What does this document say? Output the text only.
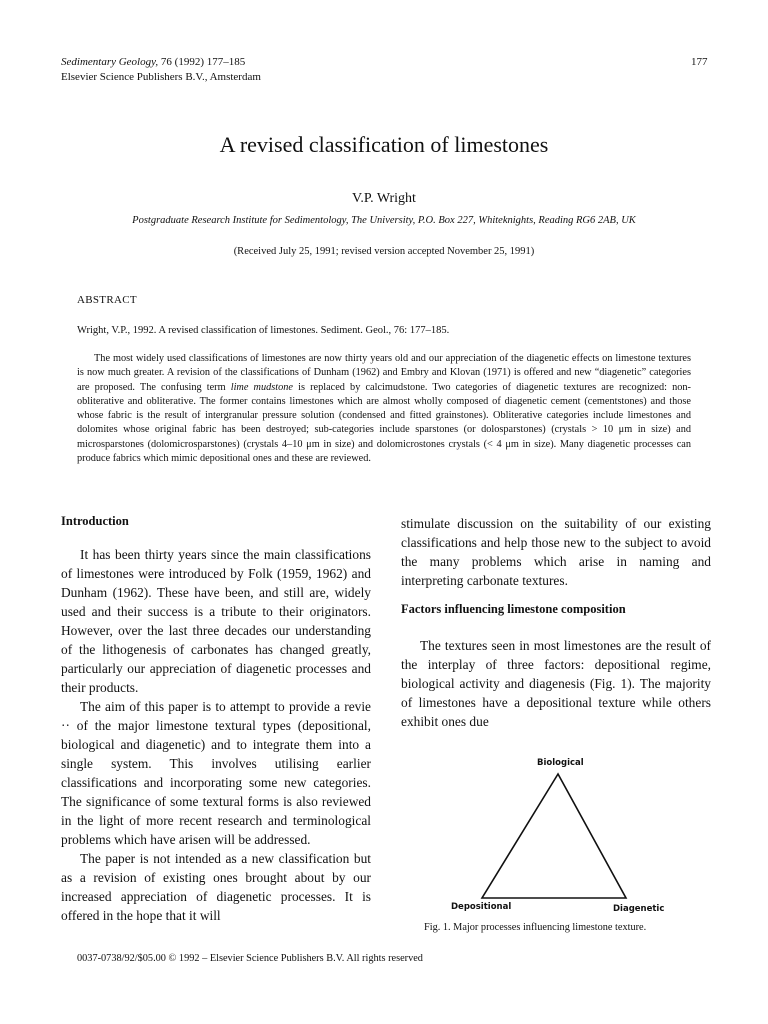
Sedimentary Geology, 76 (1992) 177–185
Elsevier Science Publishers B.V., Amsterdam
177
A revised classification of limestones
V.P. Wright
Postgraduate Research Institute for Sedimentology, The University, P.O. Box 227, Whiteknights, Reading RG6 2AB, UK
(Received July 25, 1991; revised version accepted November 25, 1991)
ABSTRACT
Wright, V.P., 1992. A revised classification of limestones. Sediment. Geol., 76: 177–185.
The most widely used classifications of limestones are now thirty years old and our appreciation of the diagenetic effects on limestone textures is now much greater. A revision of the classifications of Dunham (1962) and Embry and Klovan (1971) is offered and new “diagenetic” categories are proposed. The confusing term lime mudstone is replaced by calcimudstone. Two categories of diagenetic textures are recognized: non-obliterative and obliterative. The former contains limestones which are almost wholly composed of diagenetic cement (cementstones) and those whose fabric is the result of intergranular pressure solution (condensed and fitted grainstones). Obliterative categories include limestones and dolomites whose original fabric has been destroyed; sub-categories include sparstones (or dolosparstones) (crystals > 10 μm in size) and microsparstones (dolomicrosparstones) (crystals 4–10 μm in size) and dolomicrostones crystals (< 4 μm in size). Many diagenetic processes can produce fabrics which mimic depositional ones and these are reviewed.
Introduction

It has been thirty years since the main classifications of limestones were introduced by Folk (1959, 1962) and Dunham (1962). These have been, and still are, widely used and their success is a tribute to their originators. However, over the last three decades our understanding of the lithogenesis of carbonates has changed greatly, particularly our appreciation of diagenetic processes and their products.

The aim of this paper is to attempt to provide a revie ·· of the major limestone textural types (depositional, biological and diagenetic) and to integrate them into a single system. This involves utilising earlier classifications and incorporating some new categories. The significance of some textural forms is also reviewed in the light of more recent research and terminological problems which have arisen will be addressed.

The paper is not intended as a new classification but as a revision of existing ones brought about by our increased appreciation of diagenetic processes. It is offered in the hope that it will

stimulate discussion on the suitability of our existing classifications and help those new to the subject to avoid the many problems which arise in naming and interpreting carbonate textures.

Factors influencing limestone composition

The textures seen in most limestones are the result of the interplay of three factors: depositional regime, biological activity and diagenesis (Fig. 1). The majority of limestones have a depositional texture while others exhibit ones due

Biological
Depositional	Diagenetic
Fig. 1. Major processes influencing limestone texture.
0037-0738/92/$05.00 © 1992 – Elsevier Science Publishers B.V. All rights reserved
